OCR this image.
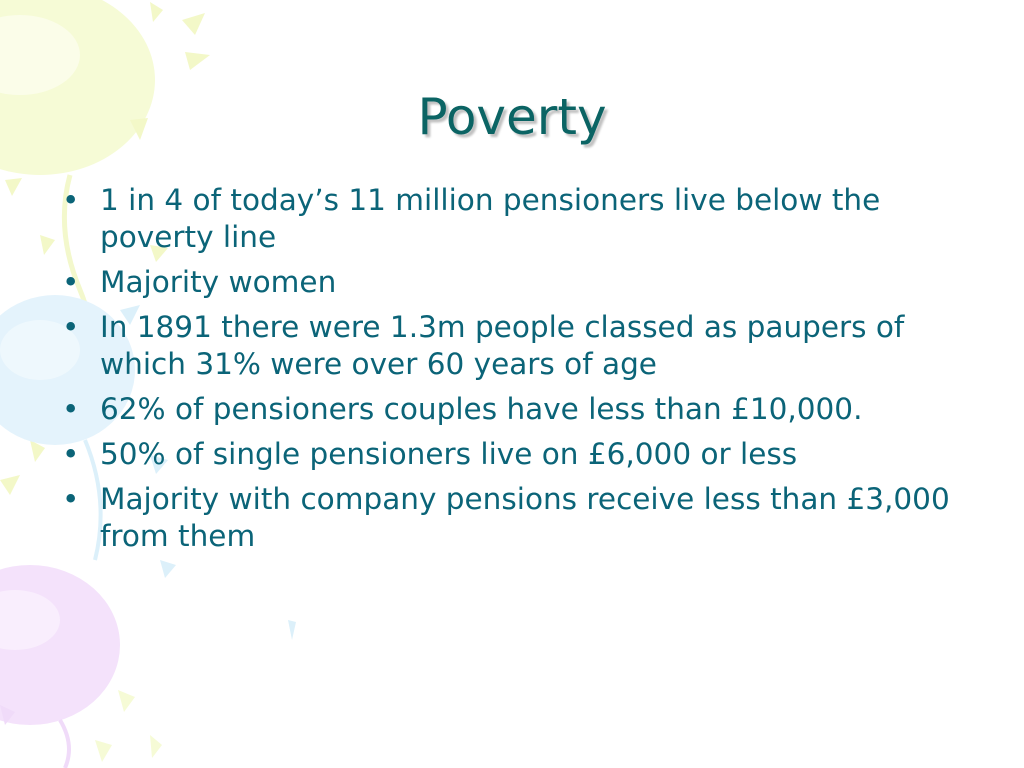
Poverty
• 1 in 4 of today’s 11 million pensioners live below the poverty line
• Majority women
• In 1891 there were 1.3m people classed as paupers of which 31% were over 60 years of age
• 62% of pensioners couples have less than £10,000.
• 50% of single pensioners live on £6,000 or less
• Majority with company pensions receive less than £3,000 from them
